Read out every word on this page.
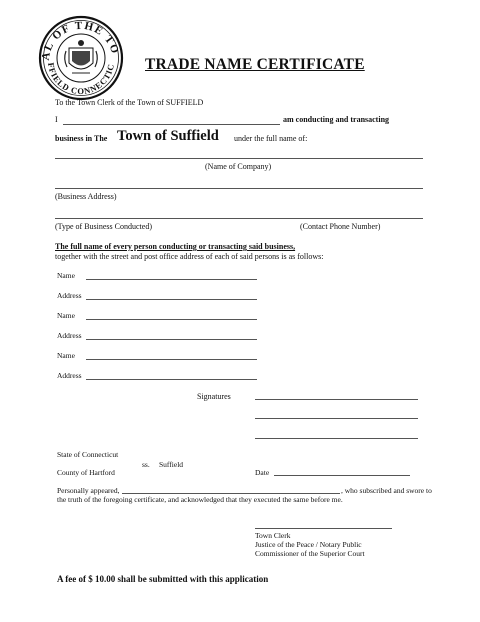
AL OF THE TO
FFIELD CONNECTIC TRADE NAME CERTIFICATE
To the Town Clerk of the Town of SUFFIELD
I	am conducting and transacting
business in The Town of Suffield under the full name of:
(Name of Company)
(Business Address)
(Type of Business Conducted)	(Contact Phone Number)
The full name of every person conducting or transacting said business,
together with the street and post office address of each of said persons is as follows:
Name
Address
Name
Address
Name
Address
Signatures
State of Connecticut
ss. Suffield
County of Hartford	Date
Personally appeared,	, who subscribed and swore to
the truth of the foregoing certificate, and acknowledged that they executed the same before me.
Town Clerk
Justice of the Peace / Notary Public
Commissioner of the Superior Court
A fee of $ 10.00 shall be submitted with this application
